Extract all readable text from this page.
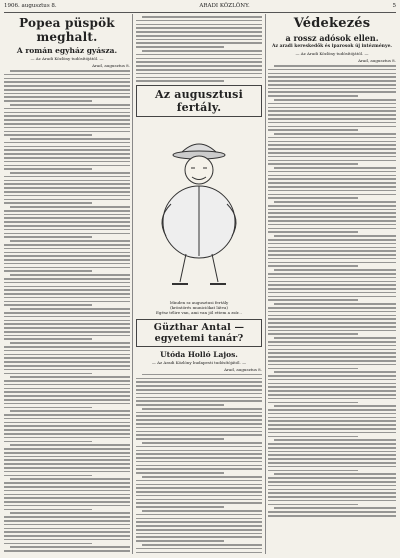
1906. augusztus 8.	ARADI KÖZLÖNY.	5
Popea püspök meghalt.
A román egyház gyásza.
— Az Aradi Közlöny tudósítójától. —
Arad, augusztus 8.
Az augusztusi fertály.
Minden sz augusztusi fertály
(kröntörés municiókat látva)
Egész télire van, ami van jól ettem a zsír...
Güzthar Antal — egyetemi tanár?
Utóda Holló Lajos.
— Az Aradi Közlöny budapesti tudósítójától. —
Arad, augusztus 8.
Védekezés
a rossz adósok ellen.
Az aradi kereskedők és iparosok új intézménye.
— Az Aradi Közlöny tudósítójától. —
Arad, augusztus 8.
